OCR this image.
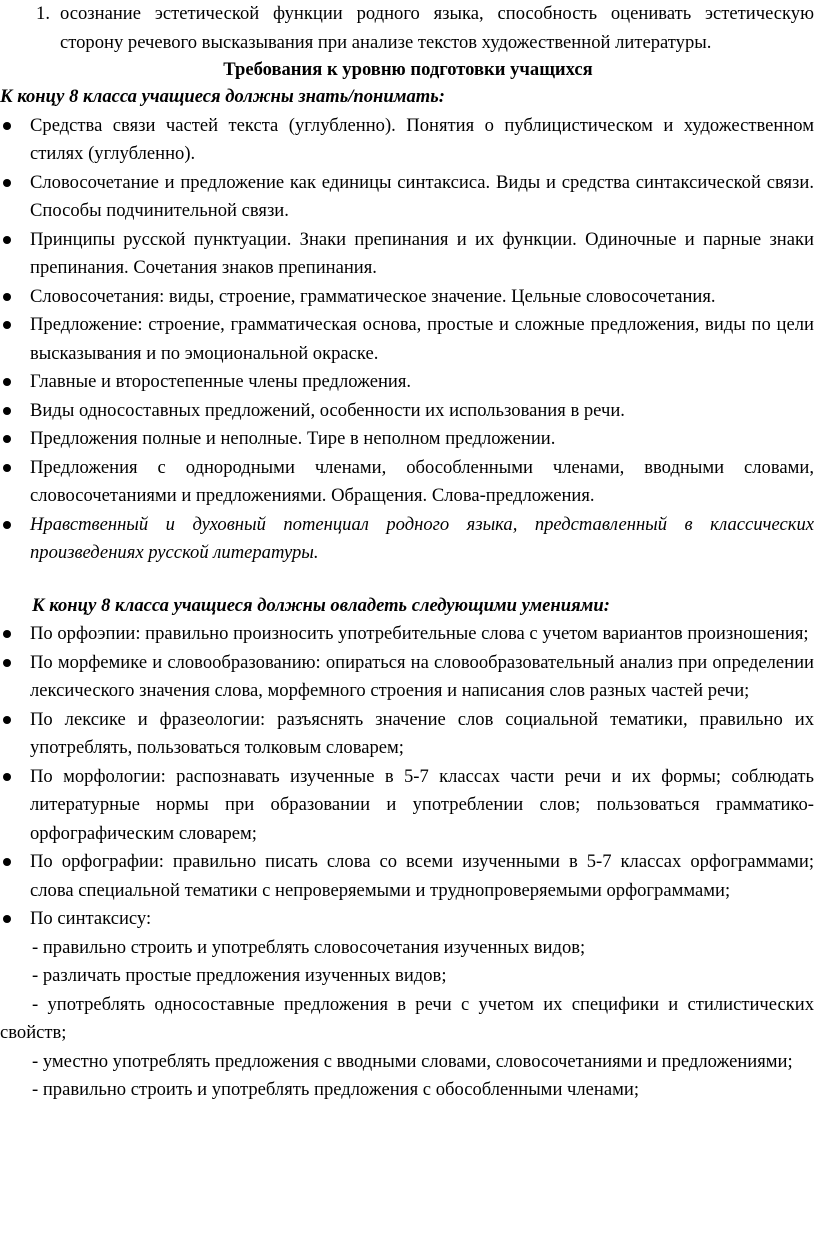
1. осознание эстетической функции родного языка, способность оценивать эстетическую сторону речевого высказывания при анализе текстов художественной литературы.

Требования к уровню подготовки учащихся

К концу 8 класса учащиеся должны знать/понимать:

Средства связи частей текста (углубленно). Понятия о публицистическом и художественном стилях (углубленно).
Словосочетание и предложение как единицы синтаксиса. Виды и средства синтаксической связи. Способы подчинительной связи.
Принципы русской пунктуации. Знаки препинания и их функции. Одиночные и парные знаки препинания. Сочетания знаков препинания.
Словосочетания: виды, строение, грамматическое значение. Цельные словосочетания.
Предложение: строение, грамматическая основа, простые и сложные предложения, виды по цели высказывания и по эмоциональной окраске.
Главные и второстепенные члены предложения.
Виды односоставных предложений, особенности их использования в речи.
Предложения полные и неполные. Тире в неполном предложении.
Предложения с однородными членами, обособленными членами, вводными словами, словосочетаниями и предложениями. Обращения. Слова-предложения.
Нравственный и духовный потенциал родного языка, представленный в классических произведениях русской литературы.

К концу 8 класса учащиеся должны овладеть следующими умениями:

По орфоэпии: правильно произносить употребительные слова с учетом вариантов произношения;
По морфемике и словообразованию: опираться на словообразовательный анализ при определении лексического значения слова, морфемного строения и написания слов разных частей речи;
По лексике и фразеологии: разъяснять значение слов социальной тематики, правильно их употреблять, пользоваться толковым словарем;
По морфологии: распознавать изученные в 5-7 классах части речи и их формы; соблюдать литературные нормы при образовании и употреблении слов; пользоваться грамматико-орфографическим словарем;
По орфографии: правильно писать слова со всеми изученными в 5-7 классах орфограммами; слова специальной тематики с непроверяемыми и труднопроверяемыми орфограммами;
По синтаксису:

- правильно строить и употреблять словосочетания изученных видов;

- различать простые предложения изученных видов;

- употреблять односоставные предложения в речи с учетом их специфики и стилистических свойств;

- уместно употреблять предложения с вводными словами, словосочетаниями и предложениями;

- правильно строить и употреблять предложения с обособленными членами;
